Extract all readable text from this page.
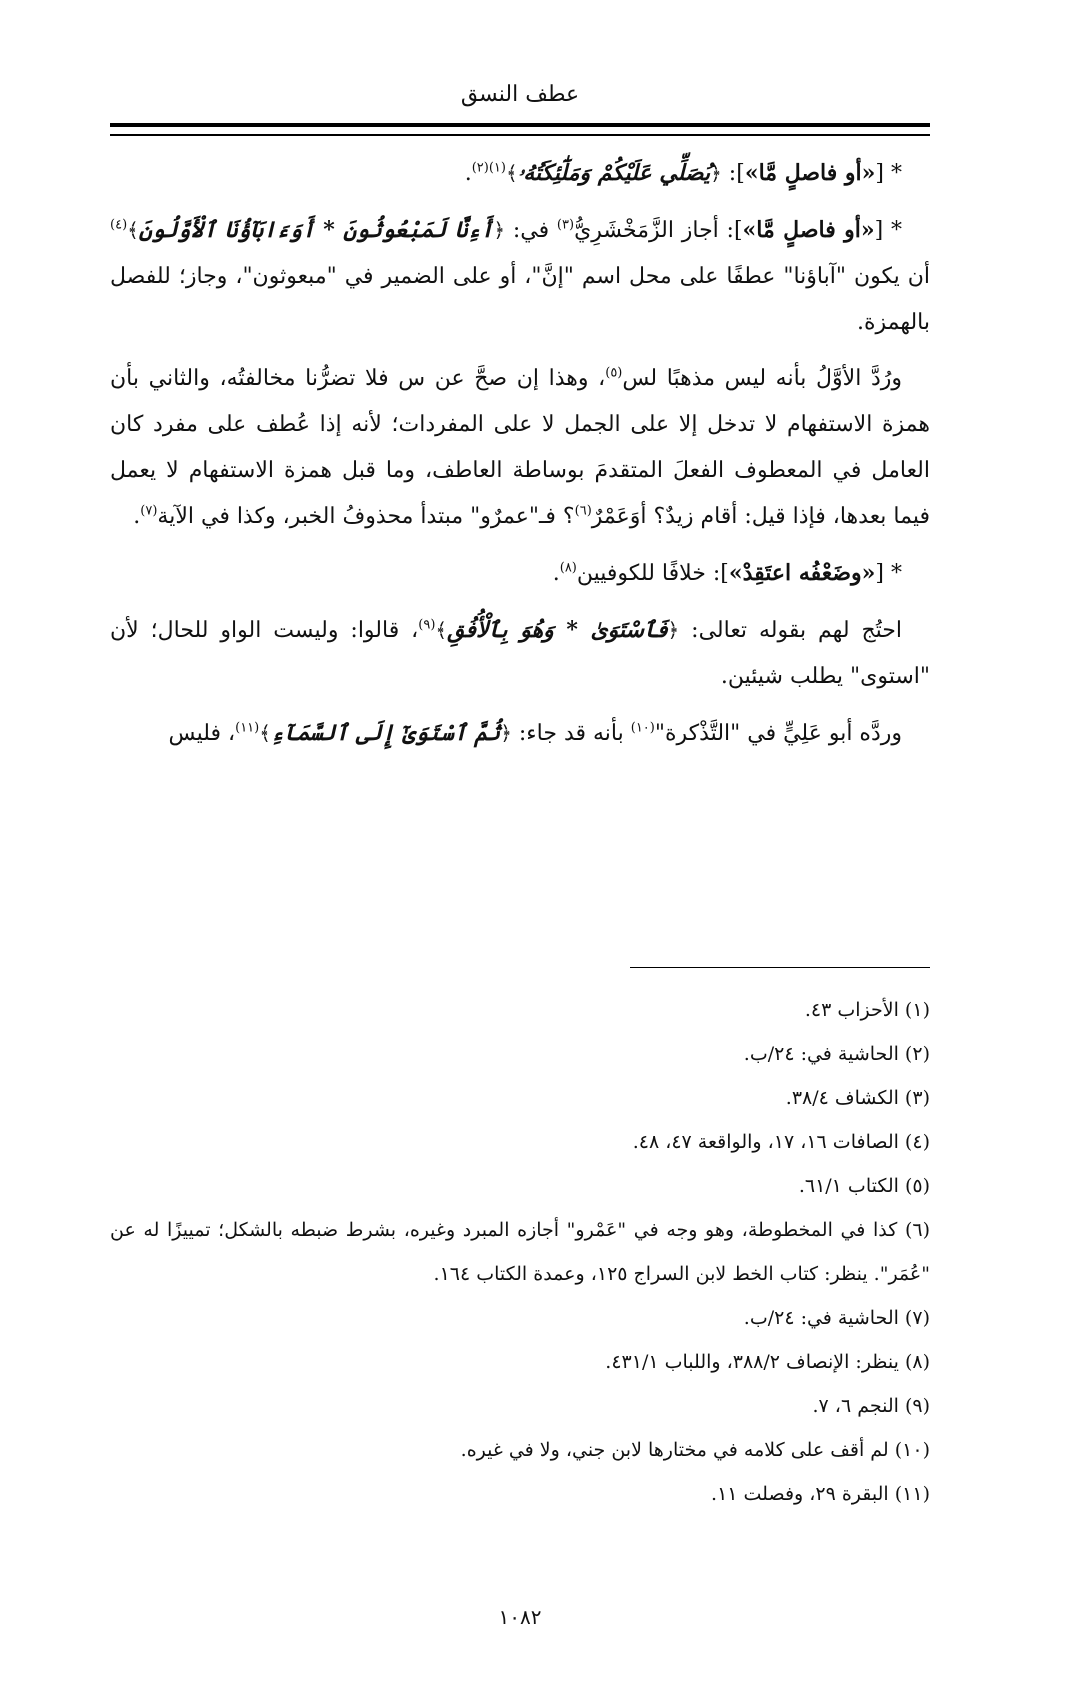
عطف النسق

* [«أو فاصلٍ مَّا»]: ﴿يُصَلِّي عَلَيْكُمْ وَمَلَٰٓئِكَتُهُۥ﴾$^{(١)(٢)}$.

* [«أو فاصلٍ مَّا»]: أجاز الزَّمَخْشَرِيُّ$^{(٣)}$ في: ﴿أَءِنَّا لَمَبْعُوثُونَ * أَوَءَابَآؤُنَا ٱلْأَوَّلُونَ﴾$^{(٤)}$ أن يكون "آباؤنا" عطفًا على محل اسم "إنَّ"، أو على الضمير في "مبعوثون"، وجاز؛ للفصل بالهمزة.

ورُدَّ الأوَّلُ بأنه ليس مذهبًا لس$^{(٥)}$، وهذا إن صحَّ عن س فلا تضرُّنا مخالفتُه، والثاني بأن همزة الاستفهام لا تدخل إلا على الجمل لا على المفردات؛ لأنه إذا عُطف على مفرد كان العامل في المعطوف الفعلَ المتقدمَ بوساطة العاطف، وما قبل همزة الاستفهام لا يعمل فيما بعدها، فإذا قيل: أقام زيدٌ؟ أوَعَمْرٌ$^{(٦)}$؟ فـ"عمرٌو" مبتدأ محذوفُ الخبر، وكذا في الآية$^{(٧)}$.

* [«وضَعْفُه اعتَقِدْ»]: خلافًا للكوفيين$^{(٨)}$.

احتُج لهم بقوله تعالى: ﴿فَٱسْتَوَىٰ * وَهُوَ بِٱلْأُفُقِ﴾$^{(٩)}$، قالوا: وليست الواو للحال؛ لأن "استوى" يطلب شيئين.

وردَّه أبو عَلِيٍّ في "التَّذْكرة"$^{(١٠)}$ بأنه قد جاء: ﴿ثُمَّ ٱسْتَوَىٰٓ إِلَى ٱلسَّمَآءِ﴾$^{(١١)}$، فليس

(١) الأحزاب ٤٣.

(٢) الحاشية في: ٢٤/ب.

(٣) الكشاف ٣٨/٤.

(٤) الصافات ١٦، ١٧، والواقعة ٤٧، ٤٨.

(٥) الكتاب ٦١/١.

(٦) كذا في المخطوطة، وهو وجه في "عَمْرو" أجازه المبرد وغيره، بشرط ضبطه بالشكل؛ تمييزًا له عن "عُمَر". ينظر: كتاب الخط لابن السراج ١٢٥، وعمدة الكتاب ١٦٤.

(٧) الحاشية في: ٢٤/ب.

(٨) ينظر: الإنصاف ٣٨٨/٢، واللباب ٤٣١/١.

(٩) النجم ٦، ٧.

(١٠) لم أقف على كلامه في مختارها لابن جني، ولا في غيره.

(١١) البقرة ٢٩، وفصلت ١١.

١٠٨٢
